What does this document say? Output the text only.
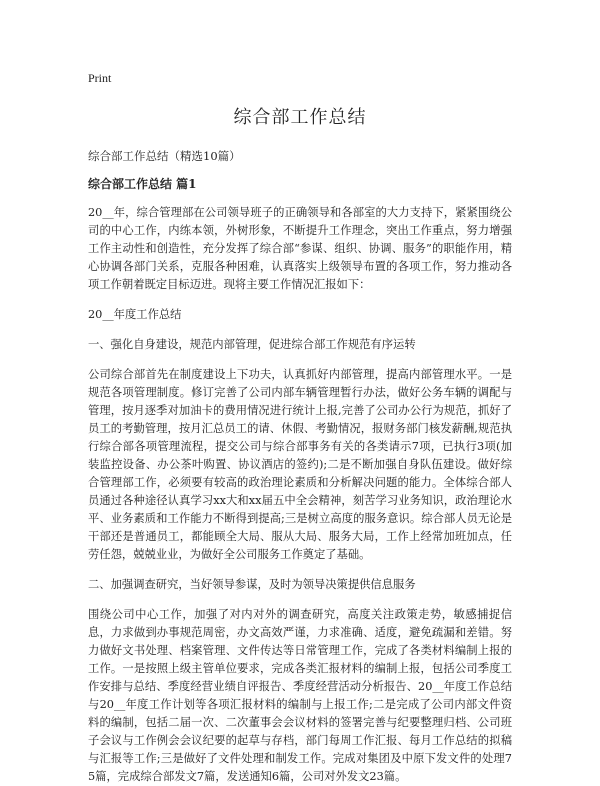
Print
综合部工作总结
综合部工作总结（精选10篇）
综合部工作总结 篇1

20__年，综合管理部在公司领导班子的正确领导和各部室的大力支持下，紧紧围绕公司的中心工作，内练本领，外树形象，不断提升工作理念，突出工作重点，努力增强工作主动性和创造性，充分发挥了综合部“参谋、组织、协调、服务”的职能作用，精心协调各部门关系，克服各种困难，认真落实上级领导布置的各项工作，努力推动各项工作朝着既定目标迈进。现将主要工作情况汇报如下：

20__年度工作总结

一、强化自身建设，规范内部管理，促进综合部工作规范有序运转

公司综合部首先在制度建设上下功夫，认真抓好内部管理，提高内部管理水平。一是规范各项管理制度。修订完善了公司内部车辆管理暂行办法，做好公务车辆的调配与管理，按月逐季对加油卡的费用情况进行统计上报,完善了公司办公行为规范，抓好了员工的考勤管理，按月汇总员工的请、休假、考勤情况，报财务部门核发薪酬,规范执行综合部各项管理流程，提交公司与综合部事务有关的各类请示7项，已执行3项(加装监控设备、办公茶叶购置、协议酒店的签约);二是不断加强自身队伍建设。做好综合管理部工作，必须要有较高的政治理论素质和分析解决问题的能力。全体综合部人员通过各种途径认真学习xx大和xx届五中全会精神，刻苦学习业务知识，政治理论水平、业务素质和工作能力不断得到提高;三是树立高度的服务意识。综合部人员无论是干部还是普通员工，都能顾全大局、服从大局、服务大局，工作上经常加班加点，任劳任怨，兢兢业业，为做好全公司服务工作奠定了基础。

二、加强调查研究，当好领导参谋，及时为领导决策提供信息服务

围绕公司中心工作，加强了对内对外的调查研究，高度关注政策走势，敏感捕捉信息，力求做到办事规范周密，办文高效严谨，力求准确、适度，避免疏漏和差错。努力做好文书处理、档案管理、文件传达等日常管理工作，完成了各类材料编制上报的工作。一是按照上级主管单位要求，完成各类汇报材料的编制上报，包括公司季度工作安排与总结、季度经营业绩自评报告、季度经营活动分析报告、20__年度工作总结与20__年度工作计划等各项汇报材料的编制与上报工作;二是完成了公司内部文件资料的编制，包括二届一次、二次董事会会议材料的签署完善与纪要整理归档、公司班子会议与工作例会会议纪要的起草与存档，部门每周工作汇报、每月工作总结的拟稿与汇报等工作;三是做好了文件处理和制发工作。完成对集团及中原下发文件的处理75篇，完成综合部发文7篇，发送通知6篇，公司对外发文23篇。
